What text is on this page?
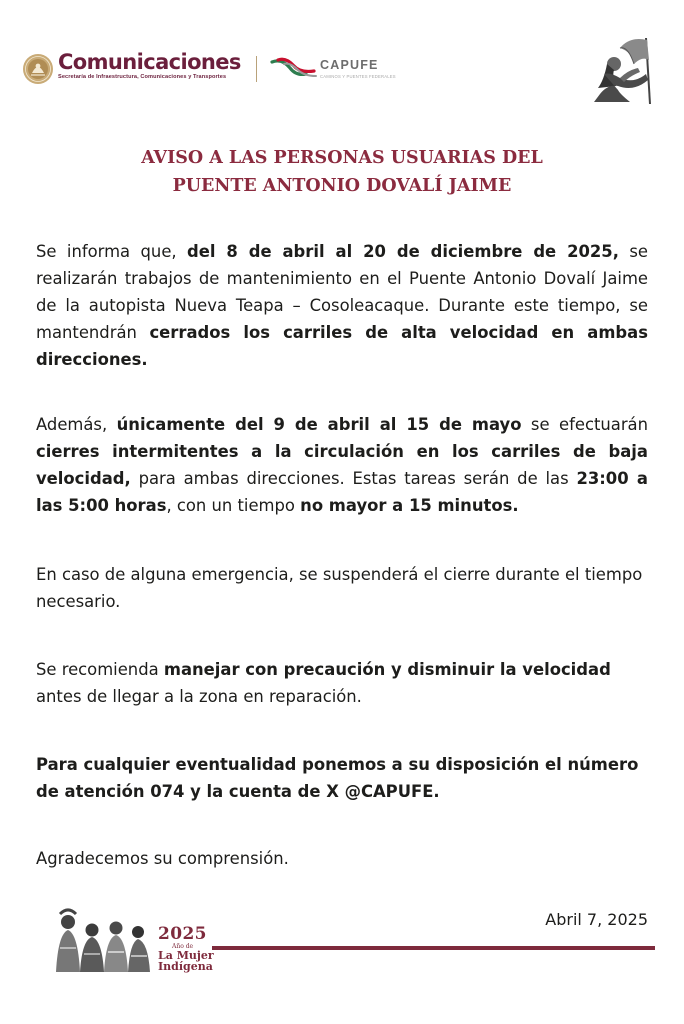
Comunicaciones
Secretaría de Infraestructura, Comunicaciones y Transportes
CAPUFE
CAMINOS Y PUENTES FEDERALES
AVISO A LAS PERSONAS USUARIAS DEL
PUENTE ANTONIO DOVALÍ JAIME

Se informa que, del 8 de abril al 20 de diciembre de 2025, se realizarán trabajos de mantenimiento en el Puente Antonio Dovalí Jaime de la autopista Nueva Teapa – Cosoleacaque. Durante este tiempo, se mantendrán cerrados los carriles de alta velocidad en ambas direcciones.

Además, únicamente del 9 de abril al 15 de mayo se efectuarán cierres intermitentes a la circulación en los carriles de baja velocidad, para ambas direcciones. Estas tareas serán de las 23:00 a las 5:00 horas, con un tiempo no mayor a 15 minutos.

En caso de alguna emergencia, se suspenderá el cierre durante el tiempo necesario.

Se recomienda manejar con precaución y disminuir la velocidad antes de llegar a la zona en reparación.

Para cualquier eventualidad ponemos a su disposición el número de atención 074 y la cuenta de X @CAPUFE.

Agradecemos su comprensión.

Abril 7, 2025
2025
Año de
La Mujer
Indígena
